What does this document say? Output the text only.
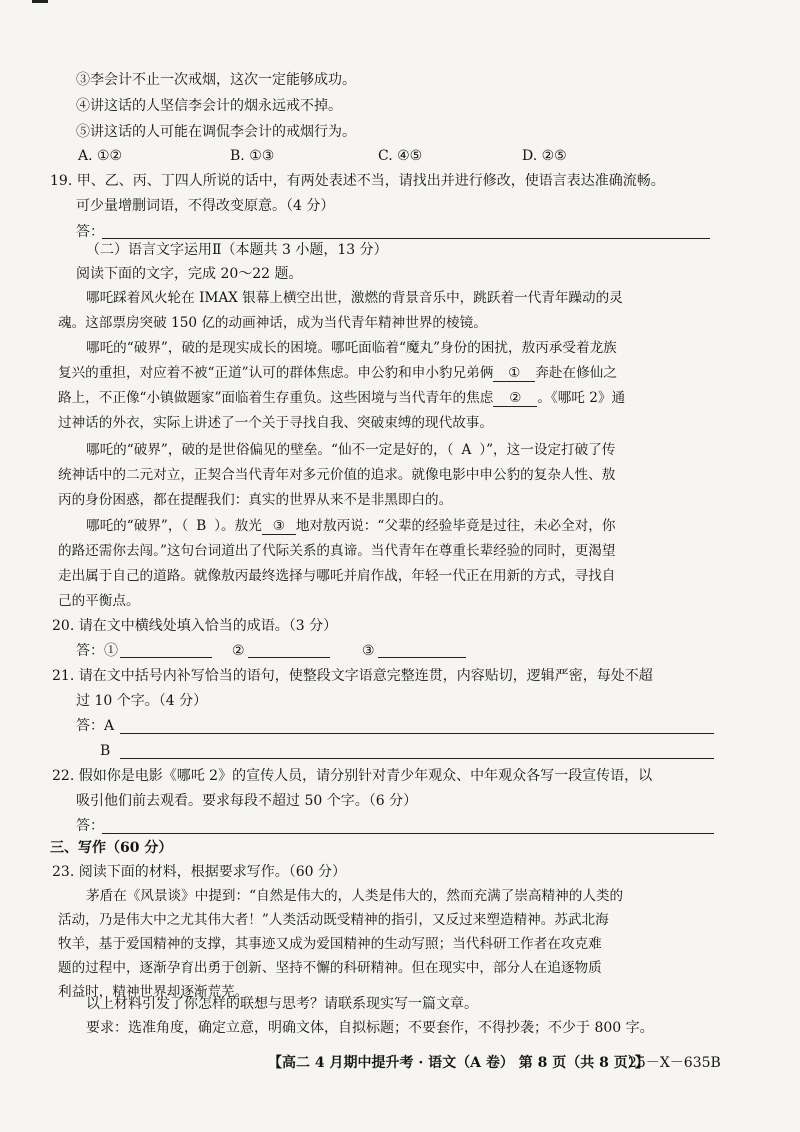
③李会计不止一次戒烟，这次一定能够成功。
④讲这话的人坚信李会计的烟永远戒不掉。
⑤讲这话的人可能在调侃李会计的戒烟行为。
A. ①②	B. ①③	C. ④⑤	D. ②⑤
19. 甲、乙、丙、丁四人所说的话中，有两处表述不当，请找出并进行修改，使语言表达准确流畅。
可少量增删词语，不得改变原意。（4 分）
答：
（二）语言文字运用Ⅱ（本题共 3 小题，13 分）
阅读下面的文字，完成 20～22 题。
哪吒踩着风火轮在 IMAX 银幕上横空出世，激燃的背景音乐中，跳跃着一代青年躁动的灵
魂。这部票房突破 150 亿的动画神话，成为当代青年精神世界的棱镜。
哪吒的“破界”，破的是现实成长的困境。哪吒面临着“魔丸”身份的困扰，敖丙承受着龙族
复兴的重担，对应着不被“正道”认可的群体焦虑。申公豹和申小豹兄弟俩 ① 奔赴在修仙之
路上，不正像“小镇做题家”面临着生存重负。这些困境与当代青年的焦虑 ② 。《哪吒 2》通
过神话的外衣，实际上讲述了一个关于寻找自我、突破束缚的现代故事。
哪吒的“破界”，破的是世俗偏见的壁垒。“仙不一定是好的，（ A ）”，这一设定打破了传
统神话中的二元对立，正契合当代青年对多元价值的追求。就像电影中申公豹的复杂人性、敖
丙的身份困惑，都在提醒我们：真实的世界从来不是非黑即白的。
哪吒的“破界”，（ B ）。敖光 ③ 地对敖丙说：“父辈的经验毕竟是过往，未必全对，你
的路还需你去闯。”这句台词道出了代际关系的真谛。当代青年在尊重长辈经验的同时，更渴望
走出属于自己的道路。就像敖丙最终选择与哪吒并肩作战，年轻一代正在用新的方式，寻找自
己的平衡点。
20. 请在文中横线处填入恰当的成语。（3 分）
答：①	②	③
21. 请在文中括号内补写恰当的语句，使整段文字语意完整连贯，内容贴切，逻辑严密，每处不超
过 10 个字。（4 分）
答：A
B
22. 假如你是电影《哪吒 2》的宣传人员，请分别针对青少年观众、中年观众各写一段宣传语，以
吸引他们前去观看。要求每段不超过 50 个字。（6 分）
答：
三、写作（60 分）
23. 阅读下面的材料，根据要求写作。（60 分）
茅盾在《风景谈》中提到：“自然是伟大的，人类是伟大的，然而充满了崇高精神的人类的
活动，乃是伟大中之尤其伟大者！”人类活动既受精神的指引，又反过来塑造精神。苏武北海
牧羊，基于爱国精神的支撑，其事迹又成为爱国精神的生动写照；当代科研工作者在攻克难
题的过程中，逐渐孕育出勇于创新、坚持不懈的科研精神。但在现实中，部分人在追逐物质
利益时，精神世界却逐渐荒芜。
以上材料引发了你怎样的联想与思考？请联系现实写一篇文章。
要求：选准角度，确定立意，明确文体，自拟标题；不要套作，不得抄袭；不少于 800 字。
【高二 4 月期中提升考 · 语文（A 卷） 第 8 页（共 8 页）】
25－X－635B
